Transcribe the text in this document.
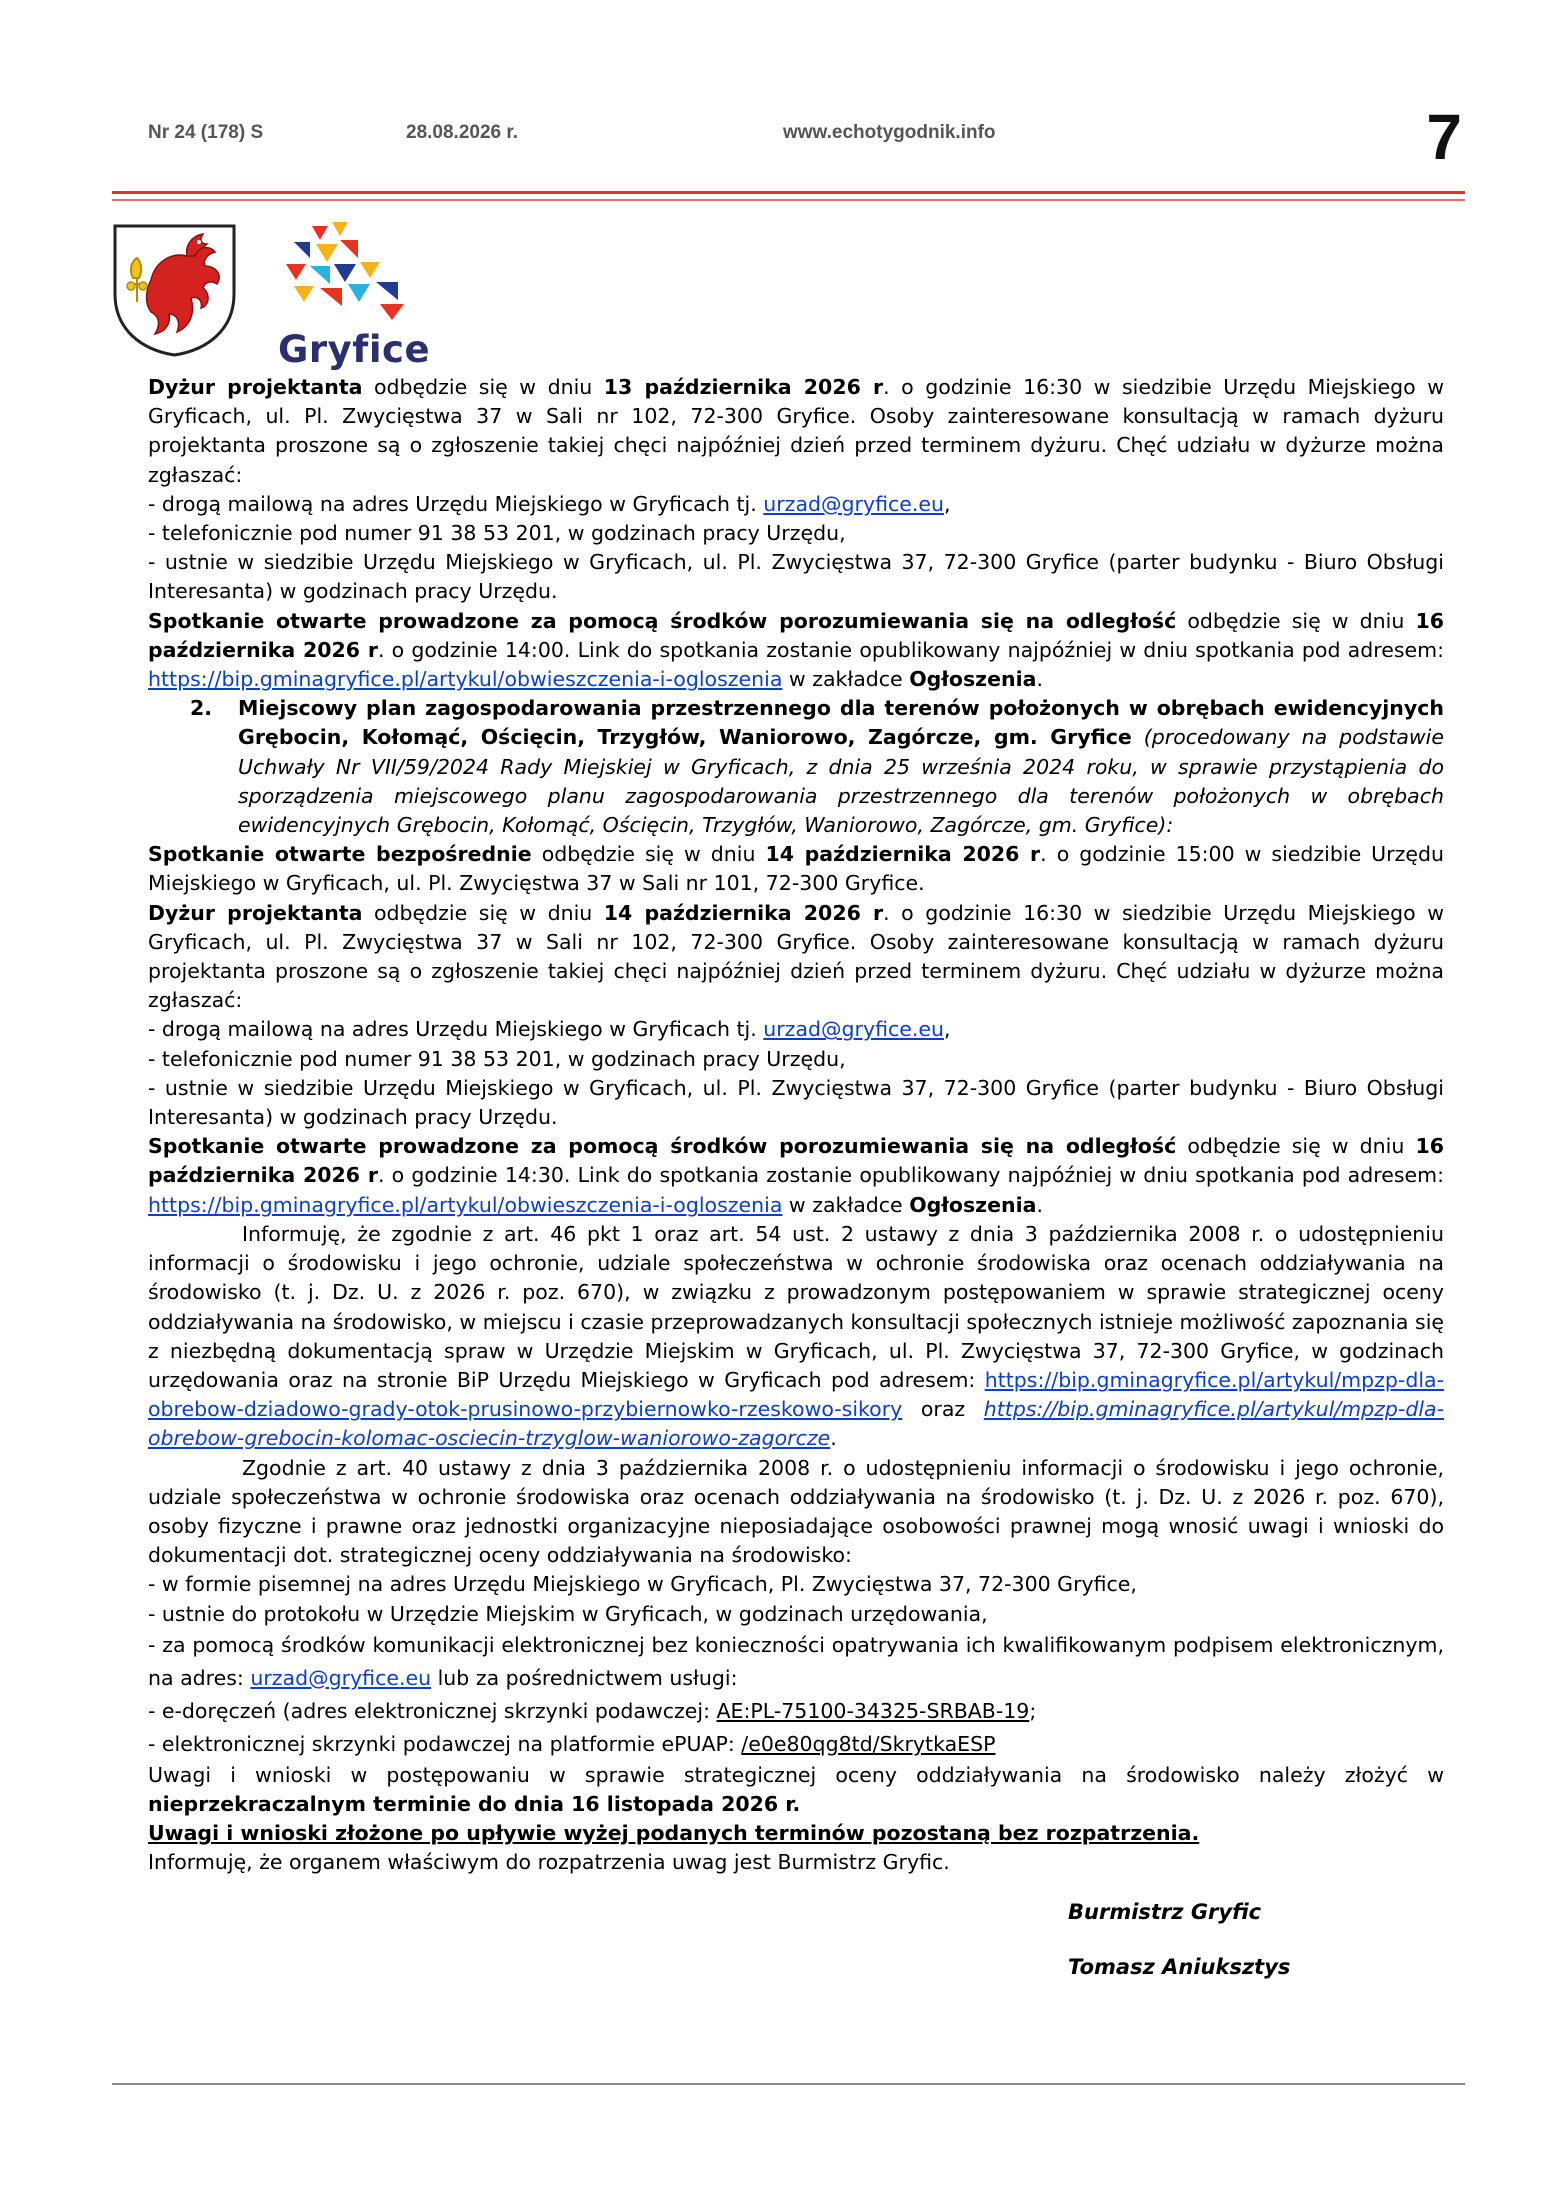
Nr 24 (178) S	28.08.2026 r.	www.echotygodnik.info	7
Gryfice

Dyżur projektanta odbędzie się w dniu 13 października 2026 r. o godzinie 16:30 w siedzibie Urzędu Miejskiego w Gryficach, ul. Pl. Zwycięstwa 37 w Sali nr 102, 72-300 Gryfice. Osoby zainteresowane konsultacją w ramach dyżuru projektanta proszone są o zgłoszenie takiej chęci najpóźniej dzień przed terminem dyżuru. Chęć udziału w dyżurze można zgłaszać:

- drogą mailową na adres Urzędu Miejskiego w Gryficach tj. urzad@gryfice.eu,

- telefonicznie pod numer 91 38 53 201, w godzinach pracy Urzędu,

- ustnie w siedzibie Urzędu Miejskiego w Gryficach, ul. Pl. Zwycięstwa 37, 72-300 Gryfice (parter budynku - Biuro Obsługi Interesanta) w godzinach pracy Urzędu.

Spotkanie otwarte prowadzone za pomocą środków porozumiewania się na odległość odbędzie się w dniu 16 października 2026 r. o godzinie 14:00. Link do spotkania zostanie opublikowany najpóźniej w dniu spotkania pod adresem: https://bip.gminagryfice.pl/artykul/obwieszczenia-i-ogloszenia w zakładce Ogłoszenia.

2. Miejscowy plan zagospodarowania przestrzennego dla terenów położonych w obrębach ewidencyjnych Grębocin, Kołomąć, Ościęcin, Trzygłów, Waniorowo, Zagórcze, gm. Gryfice (procedowany na podstawie Uchwały Nr VII/59/2024 Rady Miejskiej w Gryficach, z dnia 25 września 2024 roku, w sprawie przystąpienia do sporządzenia miejscowego planu zagospodarowania przestrzennego dla terenów położonych w obrębach ewidencyjnych Grębocin, Kołomąć, Ościęcin, Trzygłów, Waniorowo, Zagórcze, gm. Gryfice):

Spotkanie otwarte bezpośrednie odbędzie się w dniu 14 października 2026 r. o godzinie 15:00 w siedzibie Urzędu Miejskiego w Gryficach, ul. Pl. Zwycięstwa 37 w Sali nr 101, 72-300 Gryfice.

Dyżur projektanta odbędzie się w dniu 14 października 2026 r. o godzinie 16:30 w siedzibie Urzędu Miejskiego w Gryficach, ul. Pl. Zwycięstwa 37 w Sali nr 102, 72-300 Gryfice. Osoby zainteresowane konsultacją w ramach dyżuru projektanta proszone są o zgłoszenie takiej chęci najpóźniej dzień przed terminem dyżuru. Chęć udziału w dyżurze można zgłaszać:

- drogą mailową na adres Urzędu Miejskiego w Gryficach tj. urzad@gryfice.eu,

- telefonicznie pod numer 91 38 53 201, w godzinach pracy Urzędu,

- ustnie w siedzibie Urzędu Miejskiego w Gryficach, ul. Pl. Zwycięstwa 37, 72-300 Gryfice (parter budynku - Biuro Obsługi Interesanta) w godzinach pracy Urzędu.

Spotkanie otwarte prowadzone za pomocą środków porozumiewania się na odległość odbędzie się w dniu 16 października 2026 r. o godzinie 14:30. Link do spotkania zostanie opublikowany najpóźniej w dniu spotkania pod adresem: https://bip.gminagryfice.pl/artykul/obwieszczenia-i-ogloszenia w zakładce Ogłoszenia.

Informuję, że zgodnie z art. 46 pkt 1 oraz art. 54 ust. 2 ustawy z dnia 3 października 2008 r. o udostępnieniu informacji o środowisku i jego ochronie, udziale społeczeństwa w ochronie środowiska oraz ocenach oddziaływania na środowisko (t. j. Dz. U. z 2026 r. poz. 670), w związku z prowadzonym postępowaniem w sprawie strategicznej oceny oddziaływania na środowisko, w miejscu i czasie przeprowadzanych konsultacji społecznych istnieje możliwość zapoznania się z niezbędną dokumentacją spraw w Urzędzie Miejskim w Gryficach, ul. Pl. Zwycięstwa 37, 72-300 Gryfice, w godzinach urzędowania oraz na stronie BiP Urzędu Miejskiego w Gryficach pod adresem: https://bip.gminagryfice.pl/artykul/mpzp-dla-obrebow-dziadowo-grady-otok-prusinowo-przybiernowko-rzeskowo-sikory oraz https://bip.gminagryfice.pl/artykul/mpzp-dla-obrebow-grebocin-kolomac-osciecin-trzyglow-waniorowo-zagorcze.

Zgodnie z art. 40 ustawy z dnia 3 października 2008 r. o udostępnieniu informacji o środowisku i jego ochronie, udziale społeczeństwa w ochronie środowiska oraz ocenach oddziaływania na środowisko (t. j. Dz. U. z 2026 r. poz. 670), osoby fizyczne i prawne oraz jednostki organizacyjne nieposiadające osobowości prawnej mogą wnosić uwagi i wnioski do dokumentacji dot. strategicznej oceny oddziaływania na środowisko:

- w formie pisemnej na adres Urzędu Miejskiego w Gryficach, Pl. Zwycięstwa 37, 72-300 Gryfice,

- ustnie do protokołu w Urzędzie Miejskim w Gryficach, w godzinach urzędowania,

- za pomocą środków komunikacji elektronicznej bez konieczności opatrywania ich kwalifikowanym podpisem elektronicznym, na adres: urzad@gryfice.eu lub za pośrednictwem usługi:

- e-doręczeń (adres elektronicznej skrzynki podawczej: AE:PL-75100-34325-SRBAB-19;

- elektronicznej skrzynki podawczej na platformie ePUAP: /e0e80qg8td/SkrytkaESP

Uwagi i wnioski w postępowaniu w sprawie strategicznej oceny oddziaływania na środowisko należy złożyć w nieprzekraczalnym terminie do dnia 16 listopada 2026 r.

Uwagi i wnioski złożone po upływie wyżej podanych terminów pozostaną bez rozpatrzenia.

Informuję, że organem właściwym do rozpatrzenia uwag jest Burmistrz Gryfic.

Burmistrz Gryfic
Tomasz Aniuksztys
